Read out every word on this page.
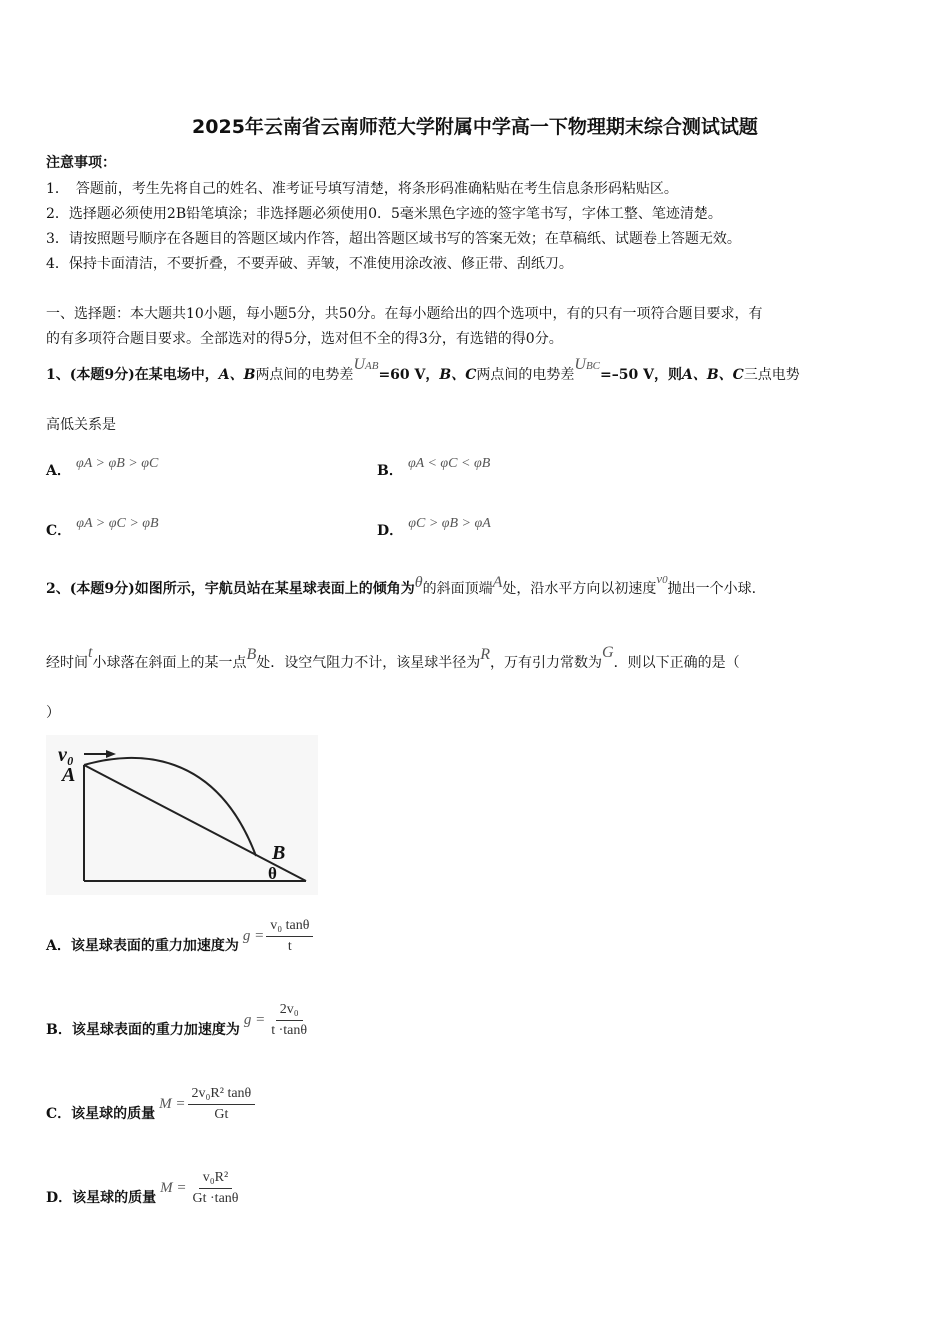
2025年云南省云南师范大学附属中学高一下物理期末综合测试试题
注意事项：
1．　答题前，考生先将自己的姓名、准考证号填写清楚，将条形码准确粘贴在考生信息条形码粘贴区。
2．选择题必须使用2B铅笔填涂；非选择题必须使用0．5毫米黑色字迹的签字笔书写，字体工整、笔迹清楚。
3．请按照题号顺序在各题目的答题区域内作答，超出答题区域书写的答案无效；在草稿纸、试题卷上答题无效。
4．保持卡面清洁，不要折叠，不要弄破、弄皱，不准使用涂改液、修正带、刮纸刀。
一、选择题：本大题共10小题，每小题5分，共50分。在每小题给出的四个选项中，有的只有一项符合题目要求，有
的有多项符合题目要求。全部选对的得5分，选对但不全的得3分，有选错的得0分。
1、(本题9分)在某电场中，A、B两点间的电势差UAB=60 V，B、C两点间的电势差UBC=–50 V，则A、B、C三点电势
高低关系是
A． φA > φB > φC	B． φA < φC < φB
C． φA > φC > φB	D． φC > φB > φA
2、(本题9分)如图所示，宇航员站在某星球表面上的倾角为θ的斜面顶端A处，沿水平方向以初速度v0抛出一个小球.
经时间t小球落在斜面上的某一点B处．设空气阻力不计，该星球半径为R，万有引力常数为G．则以下正确的是（
）
v₀
A
B
θ
A． 该星球表面的重力加速度为
$g = \frac{\text{v₀ tanθ}}{t}$
B． 该星球表面的重力加速度为
$g = \frac{\text{2v₀}}{t \cdot\tan\theta}$
C． 该星球的质量
$M = \frac{\text{2v₀R² tanθ}}{Gt}$
D． 该星球的质量
$M = \frac{\text{v₀R²}}{Gt \cdot\tan\theta}$
